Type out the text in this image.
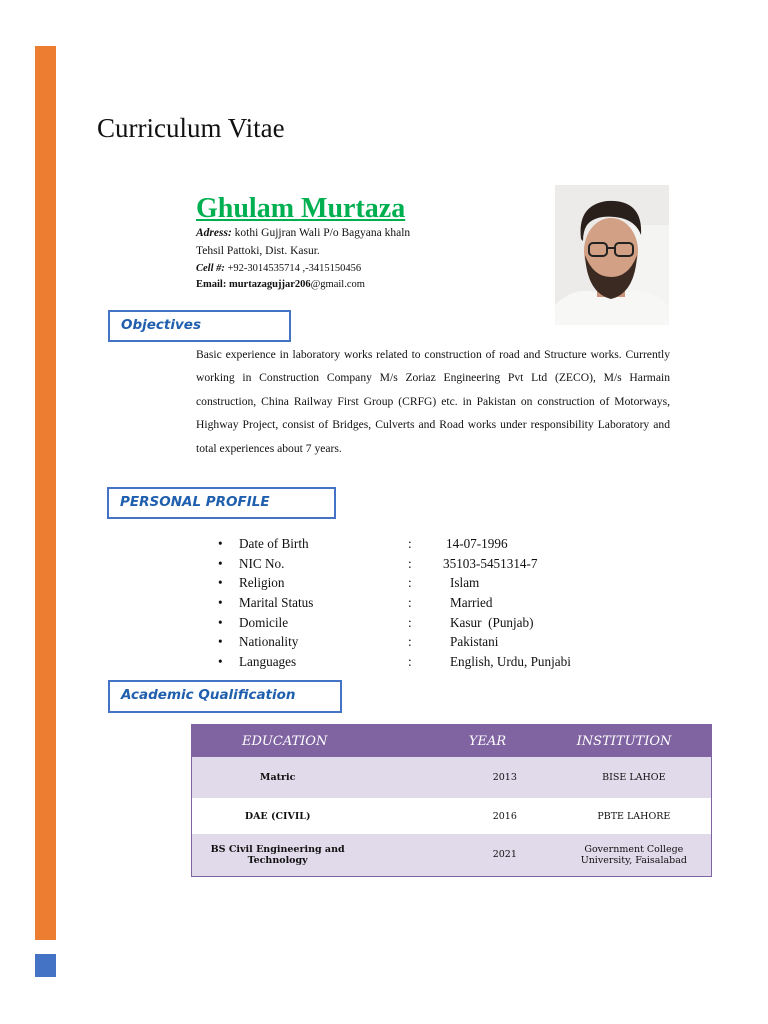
Curriculum Vitae
Ghulam Murtaza
Adress: kothi Gujjran Wali P/o Bagyana khaln
Tehsil Pattoki, Dist. Kasur.
Cell #: +92-3014535714 ,-3415150456
Email: murtazagujjar206@gmail.com
Objectives
Basic experience in laboratory works related to construction of road and Structure works. Currently working in Construction Company M/s Zoriaz Engineering Pvt Ltd (ZECO), M/s Harmain construction, China Railway First Group (CRFG) etc. in Pakistan on construction of Motorways, Highway Project, consist of Bridges, Culverts and Road works under responsibility Laboratory and total experiences about 7 years.
PERSONAL PROFILE
• Date of Birth	:	14-07-1996
• NIC No.	: 35103-5451314-7
• Religion	:	Islam
• Marital Status	:	Married
• Domicile	:	Kasur  (Punjab)
• Nationality	:	Pakistani
• Languages	:	English, Urdu, Punjabi
Academic Qualification
EDUCATION		YEAR	INSTITUTION
Matric		2013	BISE LAHOE
DAE (CIVIL)		2016	PBTE LAHORE
BS Civil Engineering and Technology		2021	Government College University, Faisalabad
